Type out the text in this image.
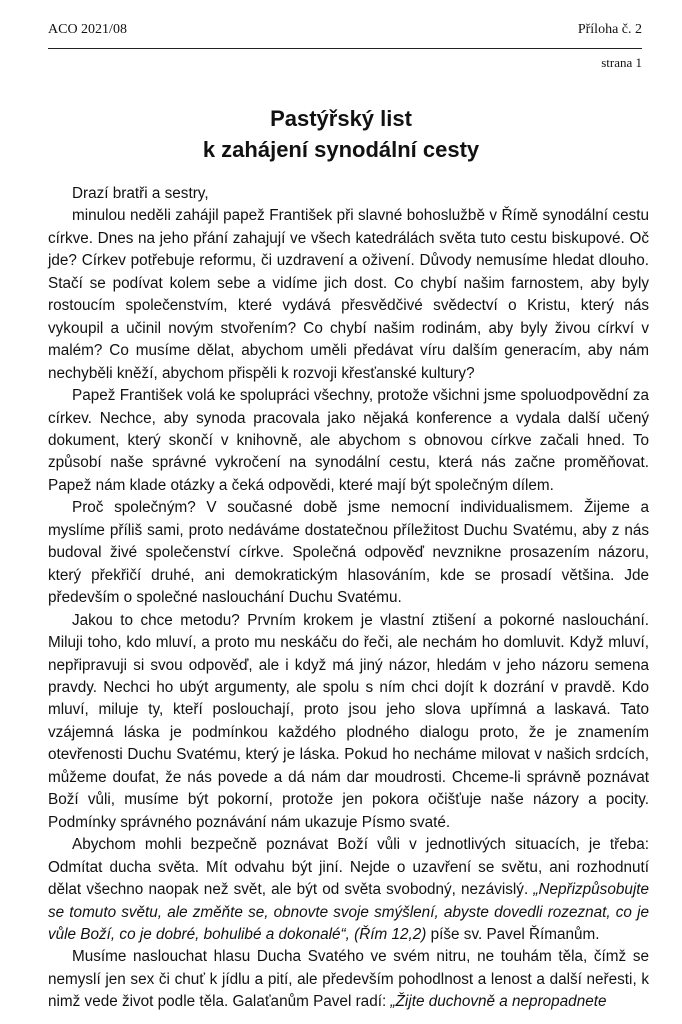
ACO 2021/08	Příloha č. 2
strana 1
Pastýřský list
k zahájení synodální cesty

Drazí bratři a sestry,

minulou neděli zahájil papež František při slavné bohoslužbě v Římě synodální cestu církve. Dnes na jeho přání zahajují ve všech katedrálách světa tuto cestu biskupové. Oč jde? Církev potřebuje reformu, či uzdravení a oživení. Důvody nemusíme hledat dlouho. Stačí se podívat kolem sebe a vidíme jich dost. Co chybí našim farnostem, aby byly rostoucím společenstvím, které vydává přesvědčivé svědectví o Kristu, který nás vykoupil a učinil novým stvořením? Co chybí našim rodinám, aby byly živou církví v malém? Co musíme dělat, abychom uměli předávat víru dalším generacím, aby nám nechyběli kněží, abychom přispěli k rozvoji křesťanské kultury?

Papež František volá ke spolupráci všechny, protože všichni jsme spoluodpovědní za církev. Nechce, aby synoda pracovala jako nějaká konference a vydala další učený dokument, který skončí v knihovně, ale abychom s obnovou církve začali hned. To způsobí naše správné vykročení na synodální cestu, která nás začne proměňovat. Papež nám klade otázky a čeká odpovědi, které mají být společným dílem.

Proč společným? V současné době jsme nemocní individualismem. Žijeme a myslíme příliš sami, proto nedáváme dostatečnou příležitost Duchu Svatému, aby z nás budoval živé společenství církve. Společná odpověď nevznikne prosazením názoru, který překřičí druhé, ani demokratickým hlasováním, kde se prosadí většina. Jde především o společné naslouchání Duchu Svatému.

Jakou to chce metodu? Prvním krokem je vlastní ztišení a pokorné naslouchání. Miluji toho, kdo mluví, a proto mu neskáču do řeči, ale nechám ho domluvit. Když mluví, nepřipravuji si svou odpověď, ale i když má jiný názor, hledám v jeho názoru semena pravdy. Nechci ho ubýt argumenty, ale spolu s ním chci dojít k dozrání v pravdě. Kdo mluví, miluje ty, kteří poslouchají, proto jsou jeho slova upřímná a laskavá. Tato vzájemná láska je podmínkou každého plodného dialogu proto, že je znamením otevřenosti Duchu Svatému, který je láska. Pokud ho necháme milovat v našich srdcích, můžeme doufat, že nás povede a dá nám dar moudrosti. Chceme-li správně poznávat Boží vůli, musíme být pokorní, protože jen pokora očišťuje naše názory a pocity. Podmínky správného poznávání nám ukazuje Písmo svaté.

Abychom mohli bezpečně poznávat Boží vůli v jednotlivých situacích, je třeba: Odmítat ducha světa. Mít odvahu být jiní. Nejde o uzavření se světu, ani rozhodnutí dělat všechno naopak než svět, ale být od světa svobodný, nezávislý. „Nepřizpůsobujte se tomuto světu, ale změňte se, obnovte svoje smýšlení, abyste dovedli rozeznat, co je vůle Boží, co je dobré, bohulibé a dokonalé“, (Řím 12,2) píše sv. Pavel Římanům.

Musíme naslouchat hlasu Ducha Svatého ve svém nitru, ne touhám těla, čímž se nemyslí jen sex či chuť k jídlu a pití, ale především pohodlnost a lenost a další neřesti, k nimž vede život podle těla. Galaťanům Pavel radí: „Žijte duchovně a nepropadnete
